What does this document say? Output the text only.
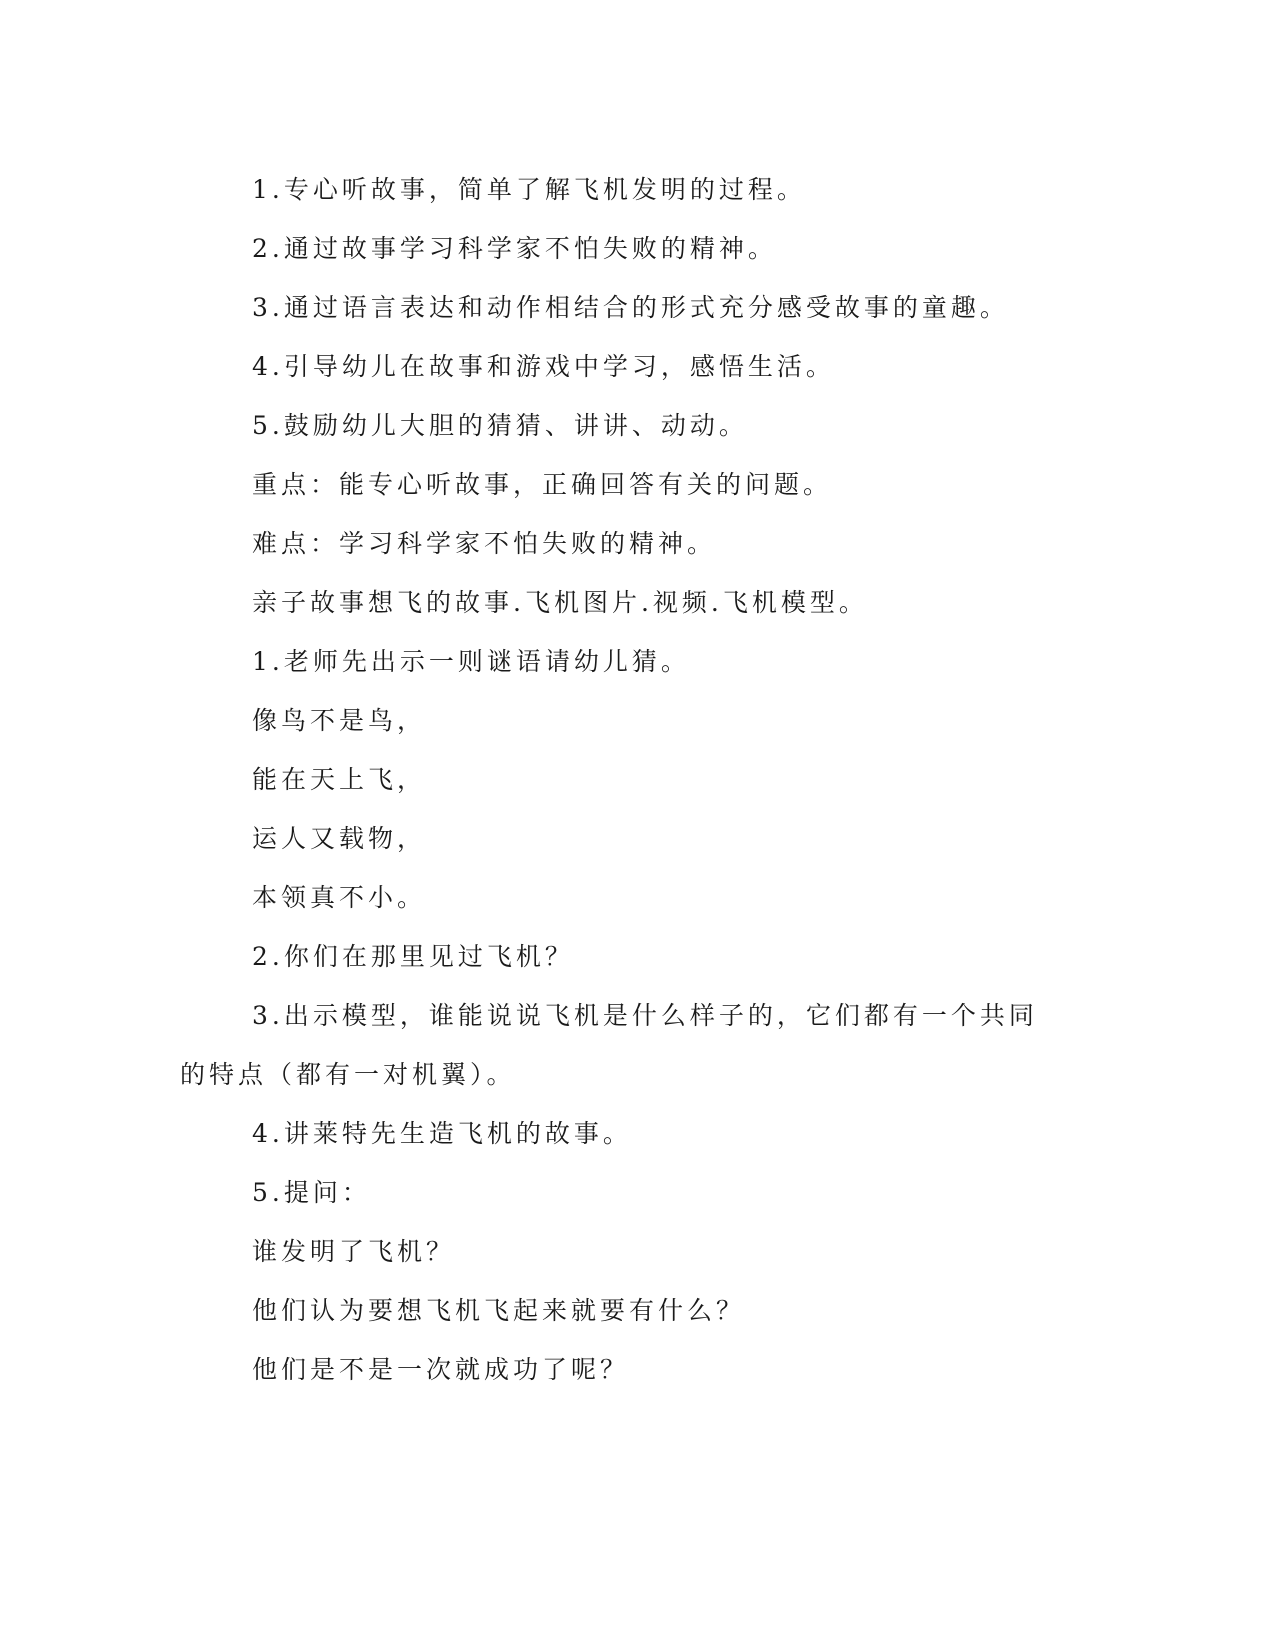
1.专心听故事，简单了解飞机发明的过程。

2.通过故事学习科学家不怕失败的精神。

3.通过语言表达和动作相结合的形式充分感受故事的童趣。

4.引导幼儿在故事和游戏中学习，感悟生活。

5.鼓励幼儿大胆的猜猜、讲讲、动动。

重点：能专心听故事，正确回答有关的问题。

难点：学习科学家不怕失败的精神。

亲子故事想飞的故事.飞机图片.视频.飞机模型。

1.老师先出示一则谜语请幼儿猜。

像鸟不是鸟，

能在天上飞，

运人又载物，

本领真不小。

2.你们在那里见过飞机？

3.出示模型，谁能说说飞机是什么样子的，它们都有一个共同的特点（都有一对机翼）。

4.讲莱特先生造飞机的故事。

5.提问：

谁发明了飞机？

他们认为要想飞机飞起来就要有什么？

他们是不是一次就成功了呢？
